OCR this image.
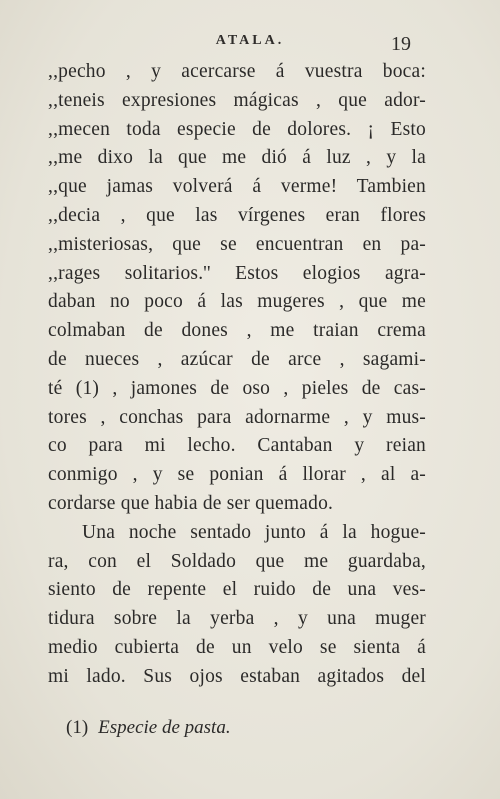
ATALA.	19
,,pecho , y acercarse á vuestra boca:
,,teneis expresiones mágicas , que ador-
,,mecen toda especie de dolores. ¡ Esto
,,me dixo la que me dió á luz , y la
,,que jamas volverá á verme! Tambien
,,decia , que las vírgenes eran flores
,,misteriosas, que se encuentran en pa-
,,rages solitarios.'' Estos elogios agra-
daban no poco á las mugeres , que me
colmaban de dones , me traian crema
de nueces , azúcar de arce , sagami-
té (1) , jamones de oso , pieles de cas-
tores , conchas para adornarme , y mus-
co para mi lecho. Cantaban y reian
conmigo , y se ponian á llorar , al a-
cordarse que habia de ser quemado.
Una noche sentado junto á la hogue-
ra, con el Soldado que me guardaba,
siento de repente el ruido de una ves-
tidura sobre la yerba , y una muger
medio cubierta de un velo se sienta á
mi lado. Sus ojos estaban agitados del
(1) Especie de pasta.
